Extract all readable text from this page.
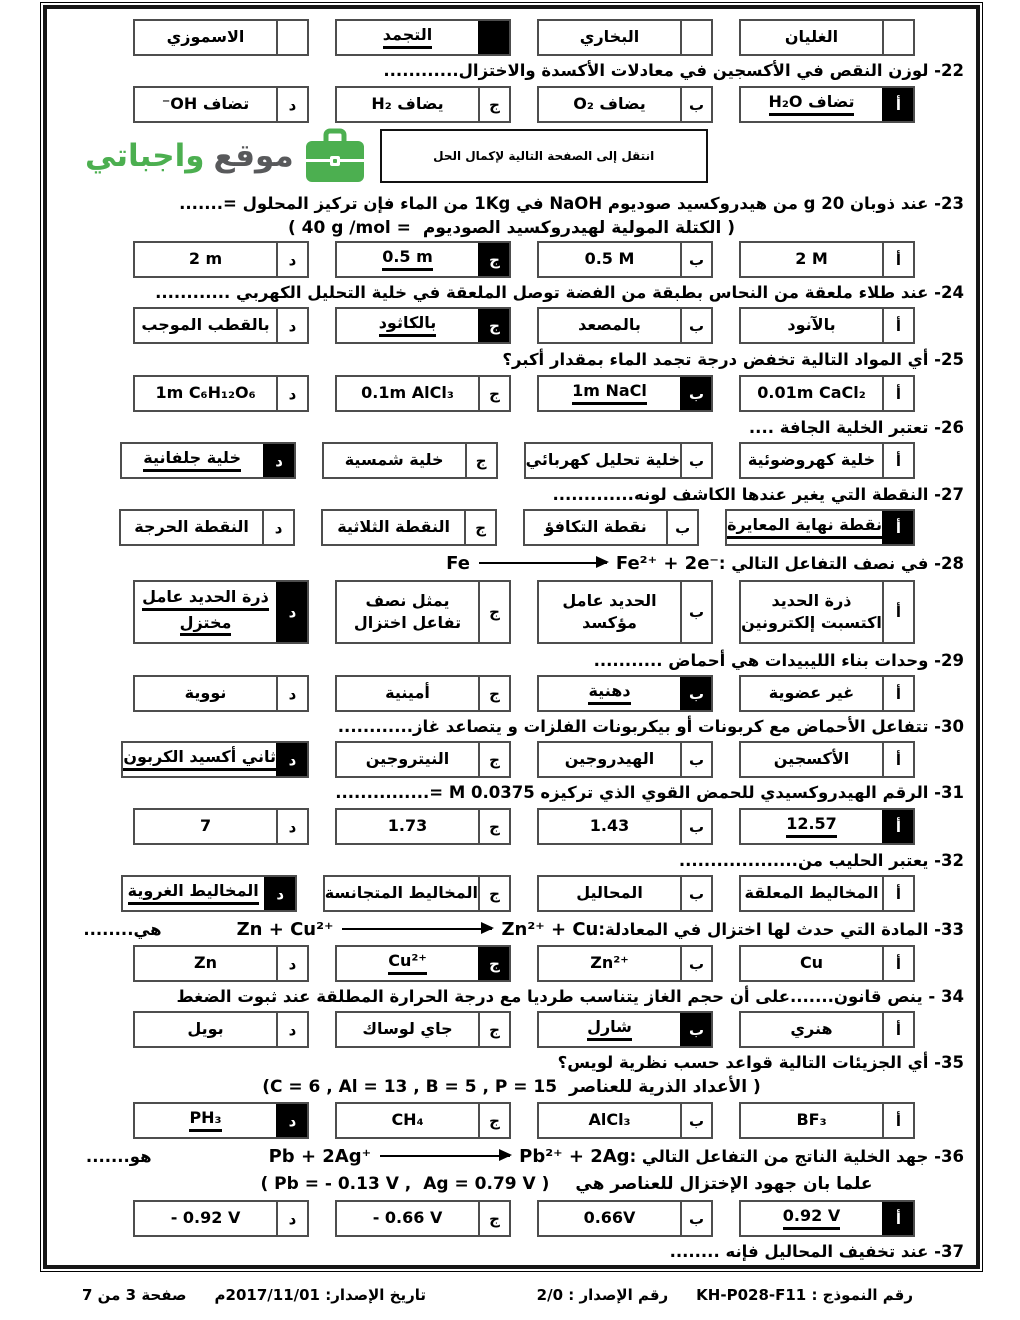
الغليان
البخاري
التجمد
الاسموزي
22- لوزن النقص في الأكسجين في معادلات الأكسدة والاختزال............
أ
تضاف H₂O
ب
يضاف O₂
ج
يضاف H₂
د
تضاف OH⁻
موقع
واجباتي	انتقل إلى الصفحة التالية لإكمال الحل
23- عند ذوبان 20 g من هيدروكسيد صوديوم NaOH في 1Kg من الماء فإن تركيز المحلول =.......
( 40 g /mol = الكتلة المولية لهيدروكسيد الصوديوم )
أ
2 M
ب
0.5 M
ج
0.5 m
د
2 m
24- عند طلاء ملعقة من النحاس بطبقة من الفضة توصل الملعقة في خلية التحليل الكهربي ............
أ
بالآنود
ب
بالمصعد
ج
بالكاثود
د
بالقطب الموجب
25- أي المواد التالية تخفض درجة تجمد الماء بمقدار أكبر؟
أ
0.01m CaCl₂
ب
1m NaCl
ج
0.1m AlCl₃
د
1m C₆H₁₂O₆
26- تعتبر الخلية الجافة ....
أ
خلية كهروضوئية
ب
خلية تحليل كهربائي
ج
خلية شمسية
د
خلية جلفانية
27- النقطة التي يغير عندها الكاشف لونه.............
أ
نقطة نهاية المعايرة
ب
نقطة التكافؤ
ج
النقطة الثلاثية
د
النقطة الحرجة
28- في نصف التفاعل التالي :
Fe	Fe²⁺ + 2e⁻
أ
ذرة الحديد
اكتسبت إلكترونين
ب
الحديد عامل
مؤكسد
ج
يمثل نصف
تفاعل اختزال
د
ذرة الحديد عامل
مختزل
29- وحدات بناء الليبيدات هي أحماض ...........
أ
غير عضوية
ب
دهنية
ج
أمينية
د
نووية
30- تتفاعل الأحماض مع كربونات أو بيكربونات الفلزات و يتصاعد غاز............
أ
الأكسجين
ب
الهيدروجين
ج
النيتروجين
د
ثاني أكسيد الكربون
31- الرقم الهيدروكسيدي للحمض القوي الذي تركيزه 0.0375 M =...............
أ
12.57
ب
1.43
ج
1.73
د
7
32- يعتبر الحليب من...................
أ
المخاليط المعلقة
ب
المحاليل
ج
المخاليط المتجانسة
د
المخاليط الغروية
33- المادة التي حدث لها اختزال في المعادلة:
Zn + Cu²⁺	Zn²⁺ + Cu
هي........
أ
Cu
ب
Zn²⁺
ج
Cu²⁺
د
Zn
34 - ينص قانون.......على أن حجم الغاز يتناسب طرديا مع درجة الحرارة المطلقة عند ثبوت الضغط
أ
هنري
ب
شارل
ج
جاي لوساك
د
بويل
35- أي الجزيئات التالية قواعد حسب نظرية لويس؟
(C = 6 , Al = 13 , B = 5 , P = 15 الأعداد الذرية للعناصر )
أ
BF₃
ب
AlCl₃
ج
CH₄
د
PH₃
36- جهد الخلية الناتج من التفاعل التالي :
Pb + 2Ag⁺	Pb²⁺ + 2Ag
هو.......
( Pb = - 0.13 V , Ag = 0.79 V ) علما بان جهود الإختزال للعناصر هي
أ
0.92 V
ب
0.66V
ج
- 0.66 V
د
- 0.92 V
37- عند تخفيف المحاليل فإنه ........
رقم النموذج : KH-P028-F11
رقم الإصدار : 2/0
تاريخ الإصدار: 2017/11/01م
صفحة 3 من 7
